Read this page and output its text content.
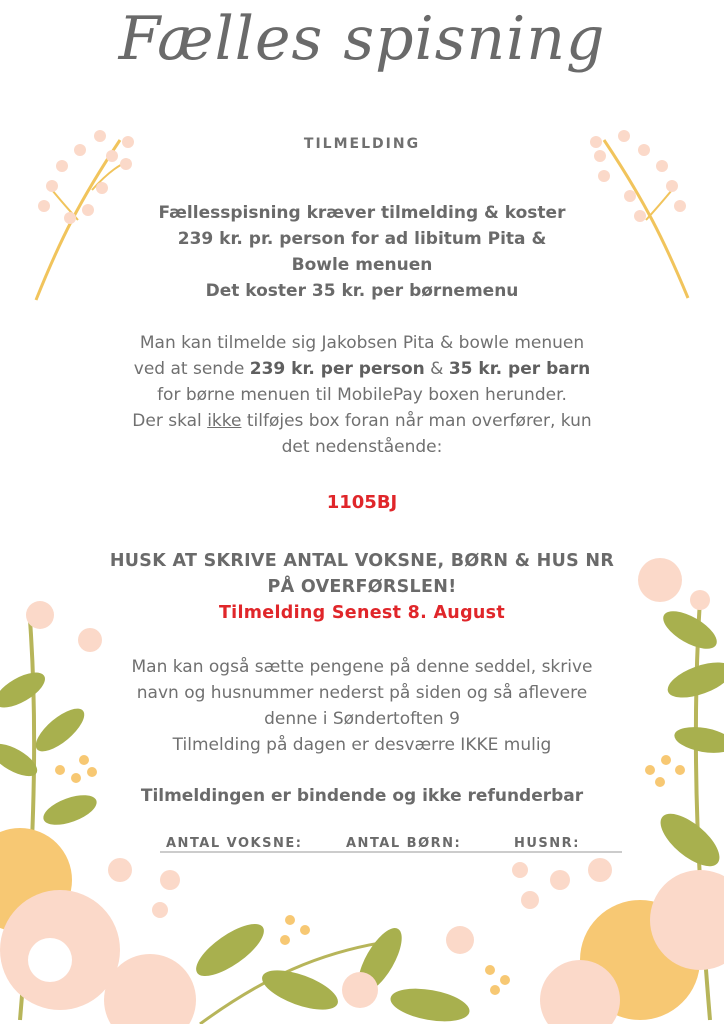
Fælles spisning
TILMELDING
Fællesspisning kræver tilmelding & koster
239 kr. pr. person for ad libitum Pita &
Bowle menuen
Det koster 35 kr. per børnemenu
Man kan tilmelde sig Jakobsen Pita & bowle menuen
ved at sende 239 kr. per person & 35 kr. per barn
for børne menuen til MobilePay boxen herunder.
Der skal ikke tilføjes box foran når man overfører, kun
det nedenstående:
1105BJ
HUSK AT SKRIVE ANTAL VOKSNE, BØRN & HUS NR
PÅ OVERFØRSLEN!
Tilmelding Senest 8. August
Man kan også sætte pengene på denne seddel, skrive
navn og husnummer nederst på siden og så aflevere
denne i Søndertoften 9
Tilmelding på dagen er desværre IKKE mulig
Tilmeldingen er bindende og ikke refunderbar
ANTAL VOKSNE:	ANTAL BØRN:	HUSNR:
